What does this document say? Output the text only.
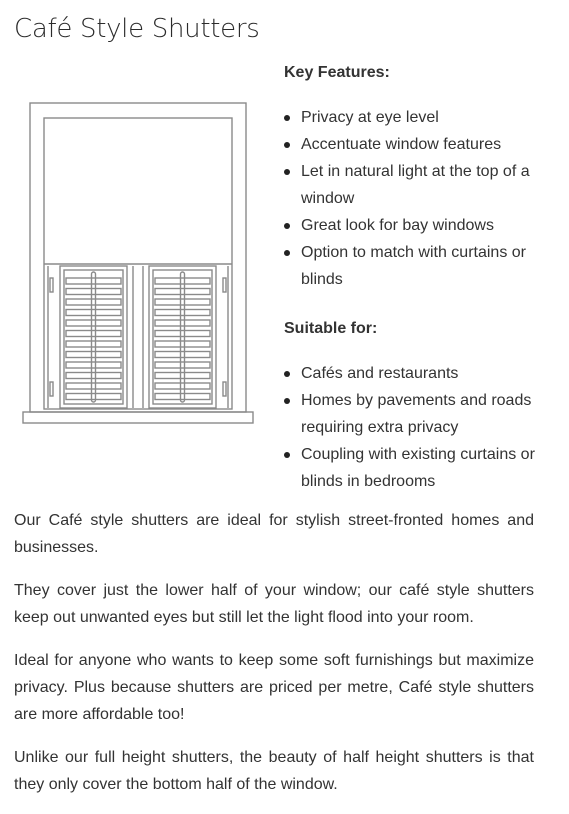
Café Style Shutters
Key Features:
Privacy at eye level
Accentuate window features
Let in natural light at the top of a window
Great look for bay windows
Option to match with curtains or blinds
Suitable for:
Cafés and restaurants
Homes by pavements and roads requiring extra privacy
Coupling with existing curtains or blinds in bedrooms

Our Café style shutters are ideal for stylish street-fronted homes and businesses.

They cover just the lower half of your window; our café style shutters keep out unwanted eyes but still let the light flood into your room.

Ideal for anyone who wants to keep some soft furnishings but maximize privacy. Plus because shutters are priced per metre, Café style shutters are more affordable too!

Unlike our full height shutters, the beauty of half height shutters is that they only cover the bottom half of the window.
